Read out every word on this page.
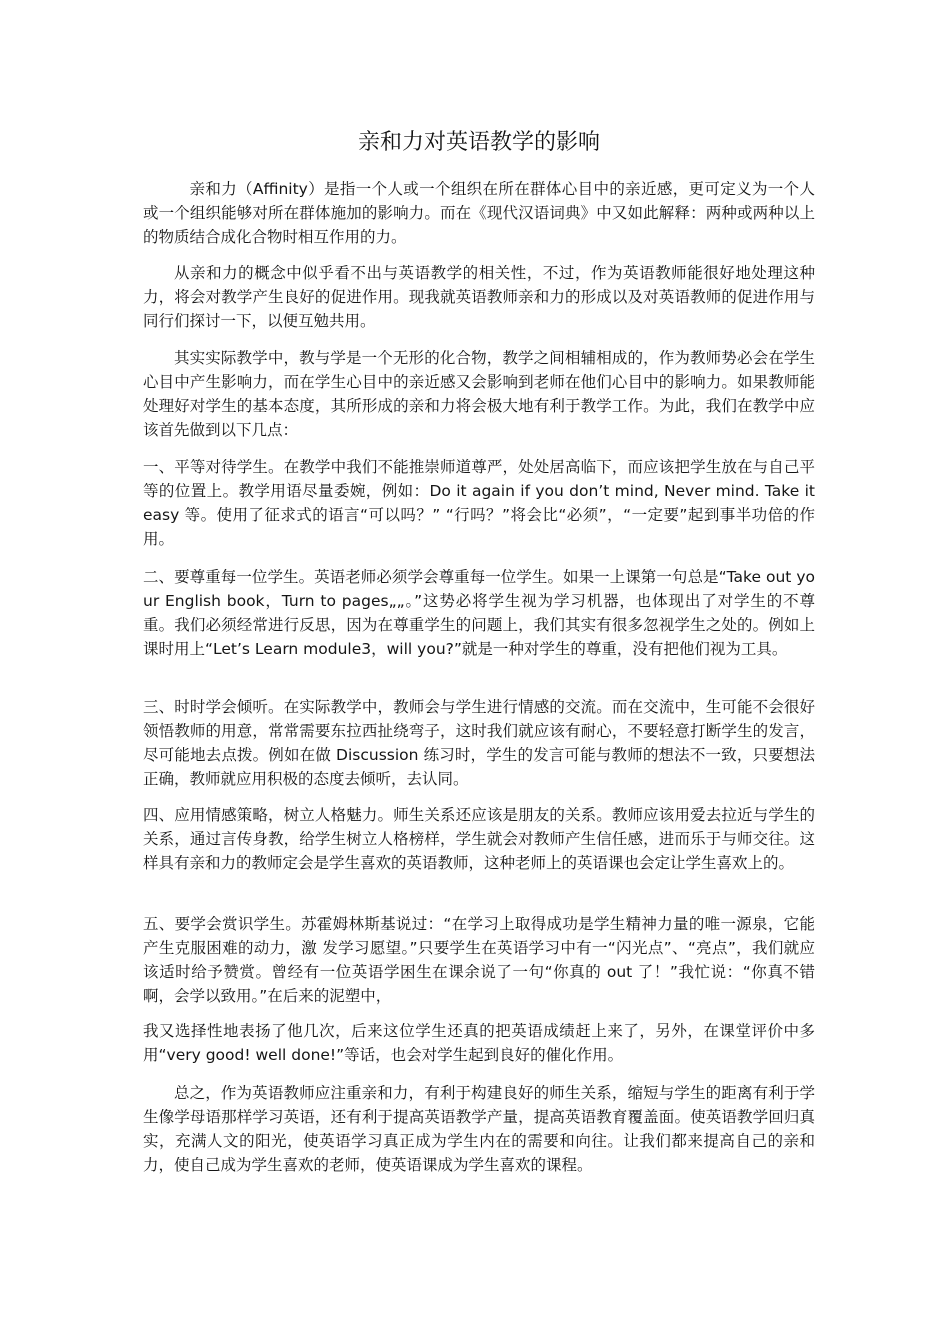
亲和力对英语教学的影响

亲和力（Affinity）是指一个人或一个组织在所在群体心目中的亲近感，更可定义为一个人或一个组织能够对所在群体施加的影响力。而在《现代汉语词典》中又如此解释：两种或两种以上的物质结合成化合物时相互作用的力。

从亲和力的概念中似乎看不出与英语教学的相关性，不过，作为英语教师能很好地处理这种力，将会对教学产生良好的促进作用。现我就英语教师亲和力的形成以及对英语教师的促进作用与同行们探讨一下，以便互勉共用。

其实实际教学中，教与学是一个无形的化合物，教学之间相辅相成的，作为教师势必会在学生心目中产生影响力，而在学生心目中的亲近感又会影响到老师在他们心目中的影响力。如果教师能处理好对学生的基本态度，其所形成的亲和力将会极大地有利于教学工作。为此，我们在教学中应该首先做到以下几点：

一、平等对待学生。在教学中我们不能推崇师道尊严，处处居高临下，而应该把学生放在与自己平等的位置上。教学用语尽量委婉，例如：Do it again if you don’t mind, Never mind. Take it easy 等。使用了征求式的语言“可以吗？” “行吗？”将会比“必须”，“一定要”起到事半功倍的作用。

二、要尊重每一位学生。英语老师必须学会尊重每一位学生。如果一上课第一句总是“Take out your English book，Turn to pages„„。”这势必将学生视为学习机器，也体现出了对学生的不尊重。我们必须经常进行反思，因为在尊重学生的问题上，我们其实有很多忽视学生之处的。例如上课时用上“Let’s Learn module3，will you?”就是一种对学生的尊重，没有把他们视为工具。

三、时时学会倾听。在实际教学中，教师会与学生进行情感的交流。而在交流中，生可能不会很好领悟教师的用意，常常需要东拉西扯绕弯子，这时我们就应该有耐心，不要轻意打断学生的发言，尽可能地去点拨。例如在做 Discussion 练习时，学生的发言可能与教师的想法不一致，只要想法正确，教师就应用积极的态度去倾听，去认同。

四、应用情感策略，树立人格魅力。师生关系还应该是朋友的关系。教师应该用爱去拉近与学生的关系，通过言传身教，给学生树立人格榜样，学生就会对教师产生信任感，进而乐于与师交往。这样具有亲和力的教师定会是学生喜欢的英语教师，这种老师上的英语课也会定让学生喜欢上的。

五、要学会赏识学生。苏霍姆林斯基说过：“在学习上取得成功是学生精神力量的唯一源泉，它能产生克服困难的动力，激 发学习愿望。”只要学生在英语学习中有一“闪光点”、“亮点”，我们就应该适时给予赞赏。曾经有一位英语学困生在课余说了一句“你真的 out 了！”我忙说：“你真不错啊，会学以致用。”在后来的泥塑中，

我又选择性地表扬了他几次，后来这位学生还真的把英语成绩赶上来了，另外，在课堂评价中多用“very good! well done!”等话，也会对学生起到良好的催化作用。

总之，作为英语教师应注重亲和力，有利于构建良好的师生关系，缩短与学生的距离有利于学生像学母语那样学习英语，还有利于提高英语教学产量，提高英语教育覆盖面。使英语教学回归真实，充满人文的阳光，使英语学习真正成为学生内在的需要和向往。让我们都来提高自己的亲和力，使自己成为学生喜欢的老师，使英语课成为学生喜欢的课程。
